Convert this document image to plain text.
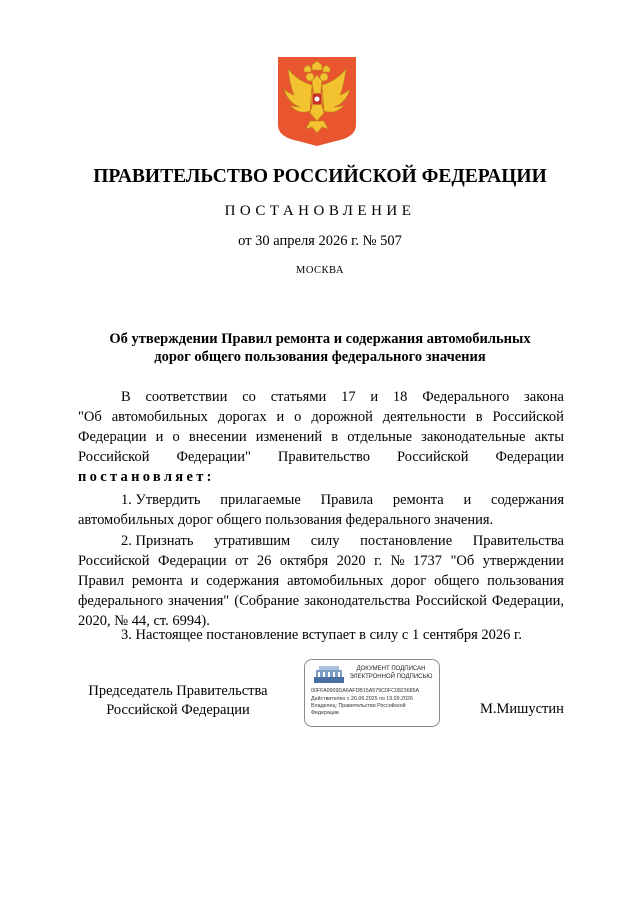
ПРАВИТЕЛЬСТВО РОССИЙСКОЙ ФЕДЕРАЦИИ
ПОСТАНОВЛЕНИЕ
от 30 апреля 2026 г. № 507
МОСКВА
Об утверждении Правил ремонта и содержания автомобильных
дорог общего пользования федерального значения
В соответствии со статьями 17 и 18 Федерального закона
"Об автомобильных дорогах и о дорожной деятельности в Российской
Федерации и о внесении изменений в отдельные законодательные акты
Российской Федерации" Правительство Российской Федерации
постановляет:
1. Утвердить прилагаемые Правила ремонта и содержания
автомобильных дорог общего пользования федерального значения.
2. Признать утратившим силу постановление Правительства
Российской Федерации от 26 октября 2020 г. № 1737 "Об утверждении
Правил ремонта и содержания автомобильных дорог общего пользования
федерального значения" (Собрание законодательства Российской Федерации,
2020, № 44, ст. 6994).
3. Настоящее постановление вступает в силу с 1 сентября 2026 г.
Председатель Правительства
Российской Федерации	М.Мишустин
ДОКУМЕНТ ПОДПИСАН
ЭЛЕКТРОННОЙ ПОДПИСЬЮ
00FFA0909DA6AFDB15A579C0FC0823685A
Действителен с 26.06.2025 по 19.09.2026
Владелец: Правительство Российской
Федерации
